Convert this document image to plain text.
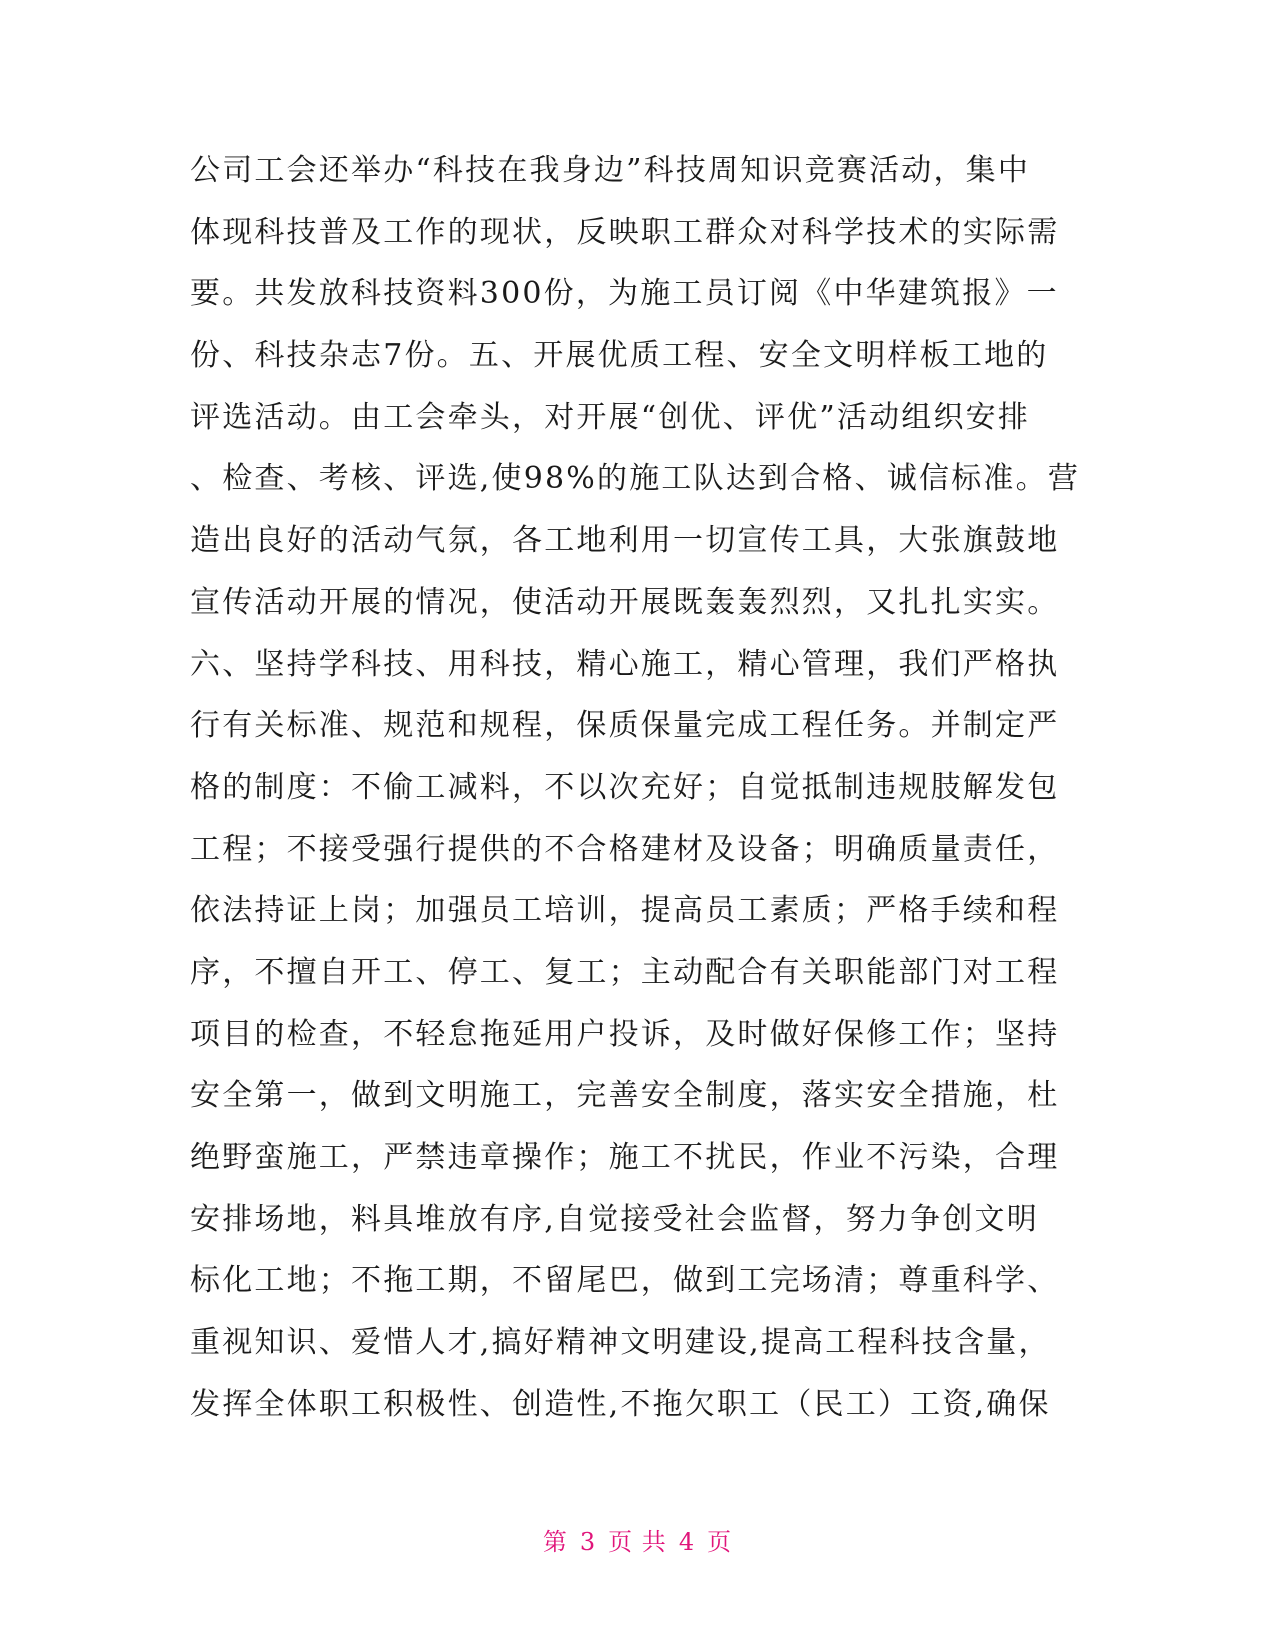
公司工会还举办“科技在我身边”科技周知识竞赛活动，集中
体现科技普及工作的现状，反映职工群众对科学技术的实际需
要。共发放科技资料300份，为施工员订阅《中华建筑报》一
份、科技杂志7份。五、开展优质工程、安全文明样板工地的
评选活动。由工会牵头，对开展“创优、评优”活动组织安排
、检查、考核、评选,使98%的施工队达到合格、诚信标准。营
造出良好的活动气氛，各工地利用一切宣传工具，大张旗鼓地
宣传活动开展的情况，使活动开展既轰轰烈烈，又扎扎实实。
六、坚持学科技、用科技，精心施工，精心管理，我们严格执
行有关标准、规范和规程，保质保量完成工程任务。并制定严
格的制度：不偷工减料，不以次充好；自觉抵制违规肢解发包
工程；不接受强行提供的不合格建材及设备；明确质量责任，
依法持证上岗；加强员工培训，提高员工素质；严格手续和程
序，不擅自开工、停工、复工；主动配合有关职能部门对工程
项目的检查，不轻怠拖延用户投诉，及时做好保修工作；坚持
安全第一，做到文明施工，完善安全制度，落实安全措施，杜
绝野蛮施工，严禁违章操作；施工不扰民，作业不污染，合理
安排场地，料具堆放有序,自觉接受社会监督，努力争创文明
标化工地；不拖工期，不留尾巴，做到工完场清；尊重科学、
重视知识、爱惜人才,搞好精神文明建设,提高工程科技含量，
发挥全体职工积极性、创造性,不拖欠职工（民工）工资,确保
第 3 页 共 4 页
